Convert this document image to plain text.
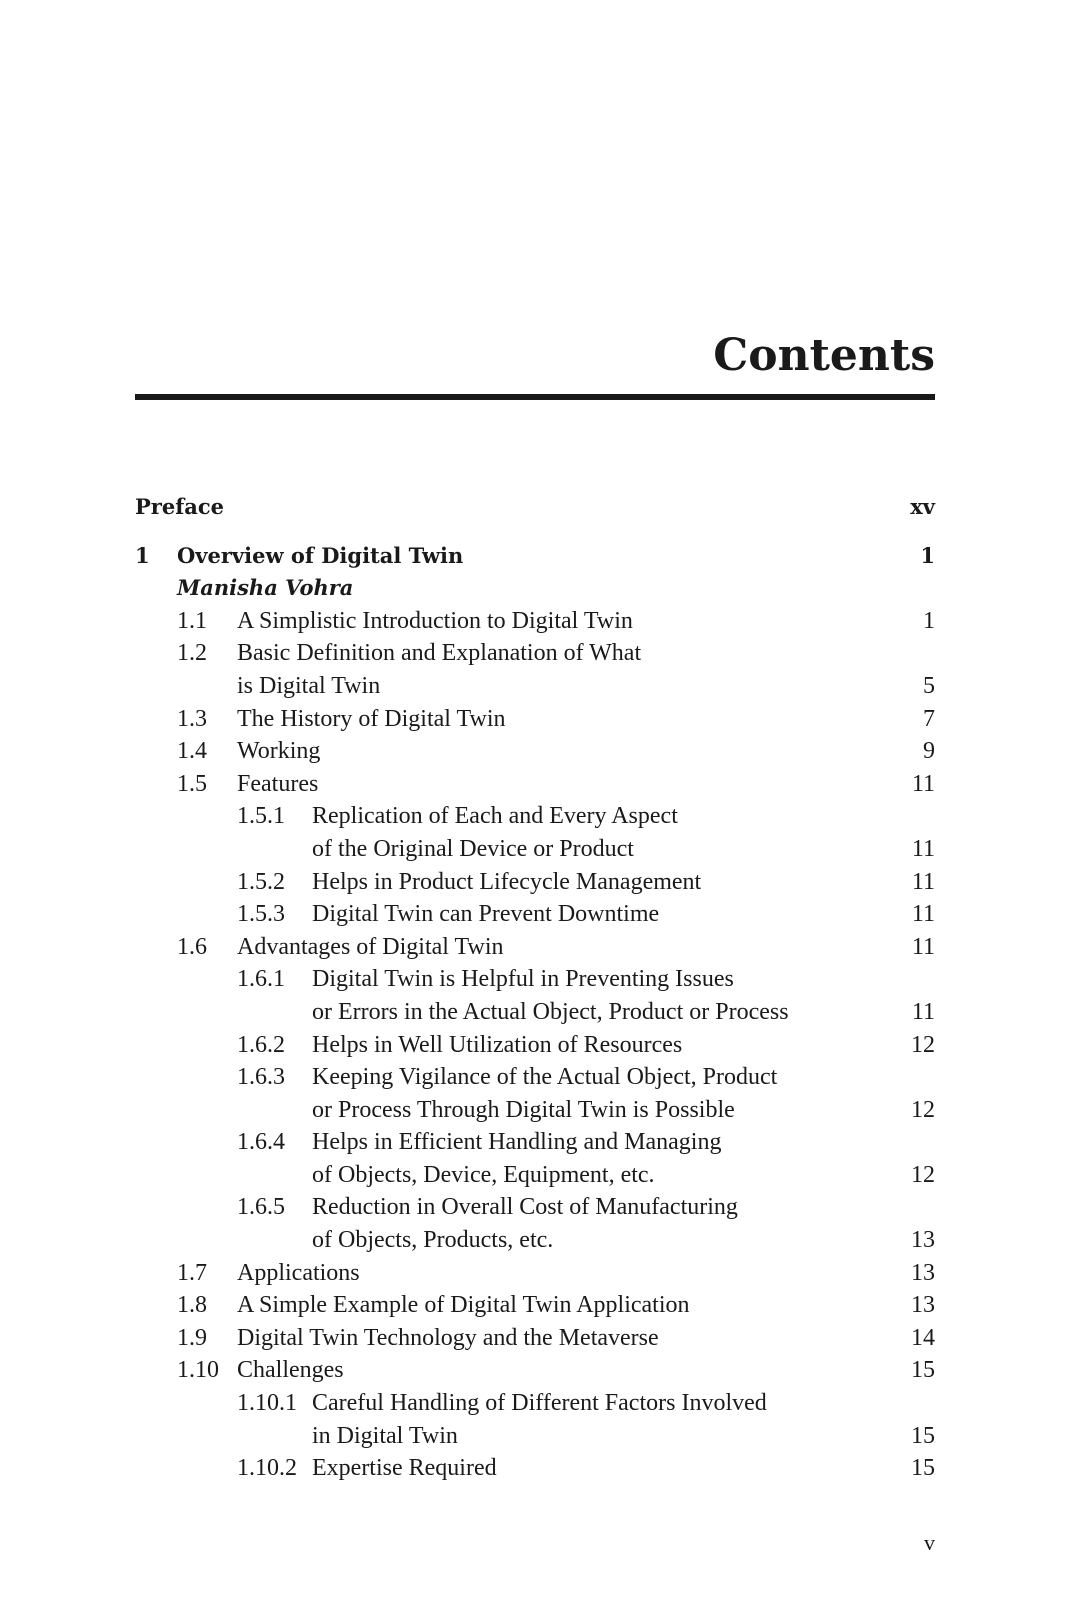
Contents
Preface	xv
1	Overview of Digital Twin	1
Manisha Vohra
1.1	A Simplistic Introduction to Digital Twin	1
1.2	Basic Definition and Explanation of What
is Digital Twin	5
1.3	The History of Digital Twin	7
1.4	Working	9
1.5	Features	11
1.5.1	Replication of Each and Every Aspect
of the Original Device or Product	11
1.5.2	Helps in Product Lifecycle Management	11
1.5.3	Digital Twin can Prevent Downtime	11
1.6	Advantages of Digital Twin	11
1.6.1	Digital Twin is Helpful in Preventing Issues
or Errors in the Actual Object, Product or Process	11
1.6.2	Helps in Well Utilization of Resources	12
1.6.3	Keeping Vigilance of the Actual Object, Product
or Process Through Digital Twin is Possible	12
1.6.4	Helps in Efficient Handling and Managing
of Objects, Device, Equipment, etc.	12
1.6.5	Reduction in Overall Cost of Manufacturing
of Objects, Products, etc.	13
1.7	Applications	13
1.8	A Simple Example of Digital Twin Application	13
1.9	Digital Twin Technology and the Metaverse	14
1.10 Challenges	15
1.10.1 Careful Handling of Different Factors Involved
in Digital Twin	15
1.10.2 Expertise Required	15
v
